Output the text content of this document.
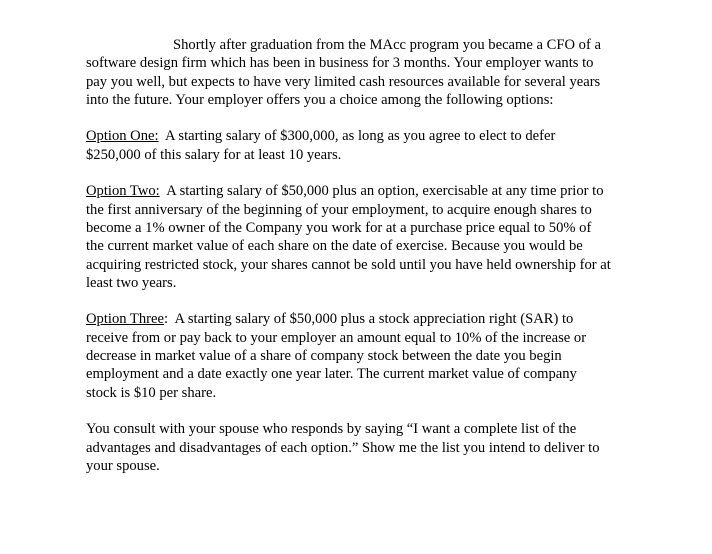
Shortly after graduation from the MAcc program you became a CFO of a
software design firm which has been in business for 3 months. Your employer wants to
pay you well, but expects to have very limited cash resources available for several years
into the future. Your employer offers you a choice among the following options:

Option One:  A starting salary of $300,000, as long as you agree to elect to defer
$250,000 of this salary for at least 10 years.

Option Two:  A starting salary of $50,000 plus an option, exercisable at any time prior to
the first anniversary of the beginning of your employment, to acquire enough shares to
become a 1% owner of the Company you work for at a purchase price equal to 50% of
the current market value of each share on the date of exercise. Because you would be
acquiring restricted stock, your shares cannot be sold until you have held ownership for at
least two years.

Option Three:  A starting salary of $50,000 plus a stock appreciation right (SAR) to
receive from or pay back to your employer an amount equal to 10% of the increase or
decrease in market value of a share of company stock between the date you begin
employment and a date exactly one year later. The current market value of company
stock is $10 per share.

You consult with your spouse who responds by saying “I want a complete list of the
advantages and disadvantages of each option.” Show me the list you intend to deliver to
your spouse.
